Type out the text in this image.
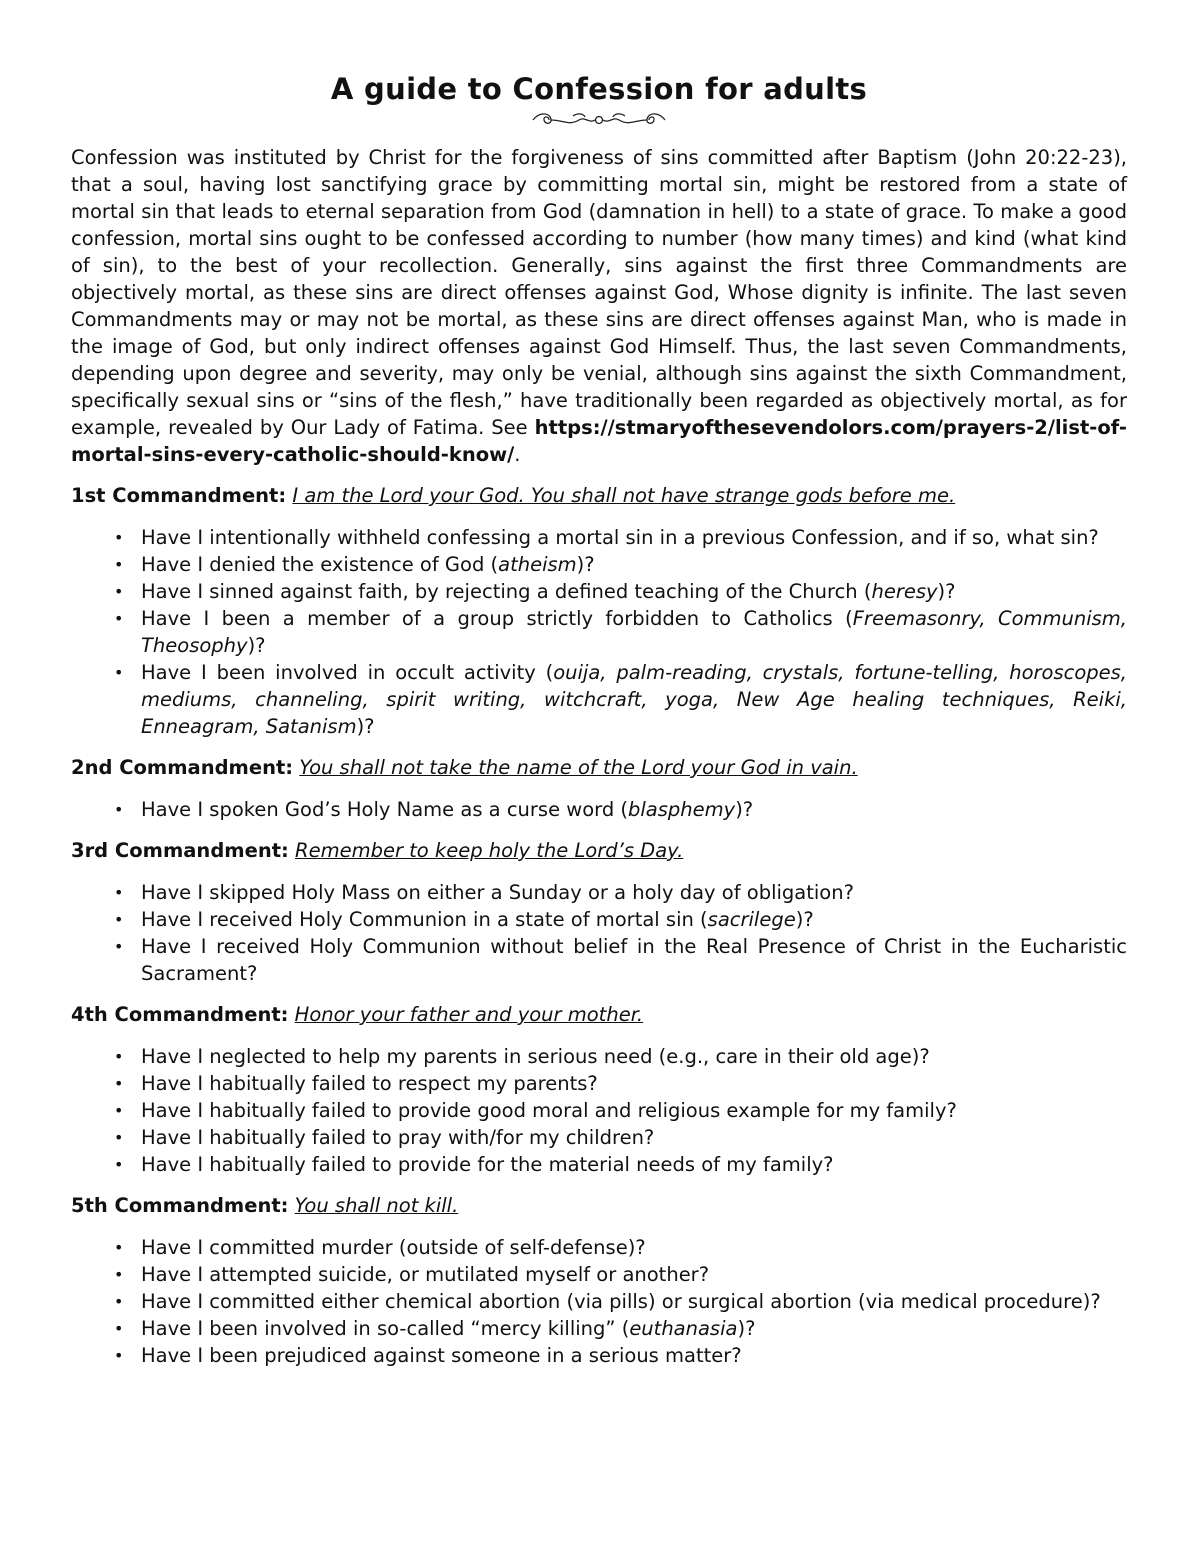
A guide to Confession for adults

Confession was instituted by Christ for the forgiveness of sins committed after Baptism (John 20:22-23), that a soul, having lost sanctifying grace by committing mortal sin, might be restored from a state of mortal sin that leads to eternal separation from God (damnation in hell) to a state of grace. To make a good confession, mortal sins ought to be confessed according to number (how many times) and kind (what kind of sin), to the best of your recollection. Generally, sins against the first three Commandments are objectively mortal, as these sins are direct offenses against God, Whose dignity is infinite. The last seven Commandments may or may not be mortal, as these sins are direct offenses against Man, who is made in the image of God, but only indirect offenses against God Himself. Thus, the last seven Commandments, depending upon degree and severity, may only be venial, although sins against the sixth Commandment, specifically sexual sins or “sins of the flesh,” have traditionally been regarded as objectively mortal, as for example, revealed by Our Lady of Fatima. See https://stmaryofthesevendolors.com/prayers-2/list-of-mortal-sins-every-catholic-should-know/.

1st Commandment: I am the Lord your God. You shall not have strange gods before me.

• Have I intentionally withheld confessing a mortal sin in a previous Confession, and if so, what sin?
• Have I denied the existence of God (atheism)?
• Have I sinned against faith, by rejecting a defined teaching of the Church (heresy)?
• Have I been a member of a group strictly forbidden to Catholics (Freemasonry, Communism, Theosophy)?
• Have I been involved in occult activity (ouija, palm-reading, crystals, fortune-telling, horoscopes, mediums, channeling, spirit writing, witchcraft, yoga, New Age healing techniques, Reiki, Enneagram, Satanism)?

2nd Commandment: You shall not take the name of the Lord your God in vain.

• Have I spoken God’s Holy Name as a curse word (blasphemy)?

3rd Commandment: Remember to keep holy the Lord’s Day.

• Have I skipped Holy Mass on either a Sunday or a holy day of obligation?
• Have I received Holy Communion in a state of mortal sin (sacrilege)?
• Have I received Holy Communion without belief in the Real Presence of Christ in the Eucharistic Sacrament?

4th Commandment: Honor your father and your mother.

• Have I neglected to help my parents in serious need (e.g., care in their old age)?
• Have I habitually failed to respect my parents?
• Have I habitually failed to provide good moral and religious example for my family?
• Have I habitually failed to pray with/for my children?
• Have I habitually failed to provide for the material needs of my family?

5th Commandment: You shall not kill.

• Have I committed murder (outside of self-defense)?
• Have I attempted suicide, or mutilated myself or another?
• Have I committed either chemical abortion (via pills) or surgical abortion (via medical procedure)?
• Have I been involved in so-called “mercy killing” (euthanasia)?
• Have I been prejudiced against someone in a serious matter?
